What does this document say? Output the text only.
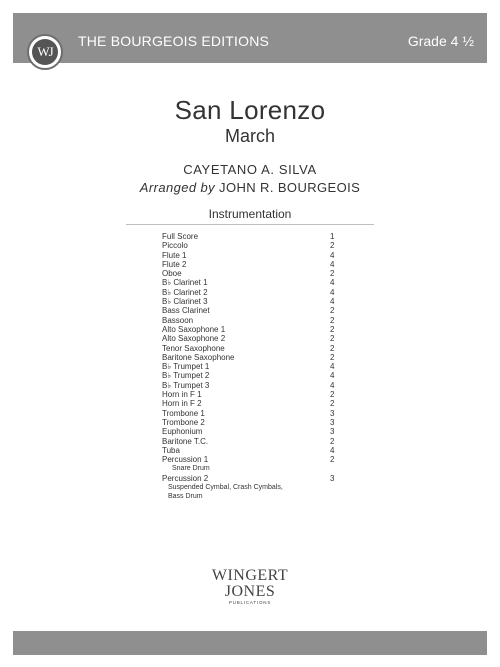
WJ
THE BOURGEOIS EDITIONS	Grade 4 ½
San Lorenzo
March
CAYETANO A. SILVA
Arranged by JOHN R. BOURGEOIS
Instrumentation
Full Score	1
Piccolo	2
Flute 1	4
Flute 2	4
Oboe	2
B♭ Clarinet 1	4
B♭ Clarinet 2	4
B♭ Clarinet 3	4
Bass Clarinet	2
Bassoon	2
Alto Saxophone 1	2
Alto Saxophone 2	2
Tenor Saxophone	2
Baritone Saxophone	2
B♭ Trumpet 1	4
B♭ Trumpet 2	4
B♭ Trumpet 3	4
Horn in F 1	2
Horn in F 2	2
Trombone 1	3
Trombone 2	3
Euphonium	3
Baritone T.C.	2
Tuba	4
Percussion 1	2
Snare Drum
Percussion 2	3
Suspended Cymbal, Crash Cymbals,
Bass Drum
WINGERT
JONES
PUBLICATIONS
